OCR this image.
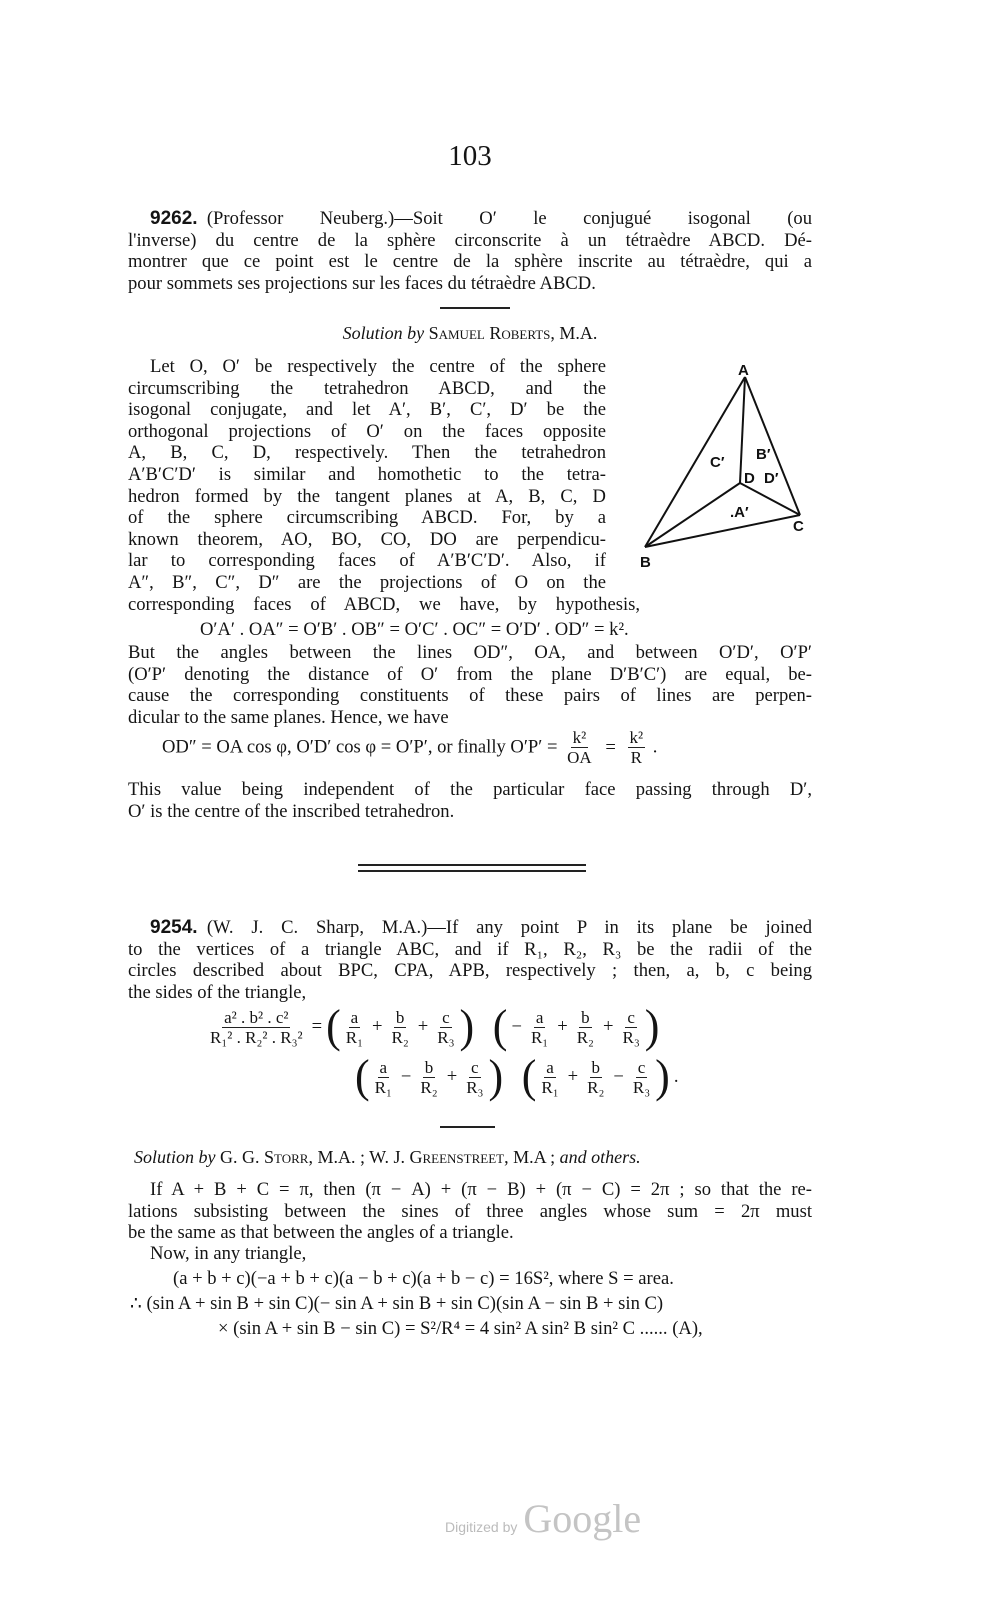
103
9262.  (Professor Neuberg.)—Soit O′ le conjugué isogonal (ou
l'inverse) du centre de la sphère circonscrite à un tétraèdre ABCD. Dé-
montrer que ce point est le centre de la sphère inscrite au tétraèdre, qui a
pour sommets ses projections sur les faces du tétraèdre ABCD.
Solution by Samuel Roberts, M.A.
Let O, O′ be respectively the centre of the sphere
circumscribing the tetrahedron ABCD, and the
isogonal conjugate, and let A′, B′, C′, D′ be the
orthogonal projections of O′ on the faces opposite
A, B, C, D, respectively. Then the tetrahedron
A′B′C′D′ is similar and homothetic to the tetra-
hedron formed by the tangent planes at A, B, C, D
of the sphere circumscribing ABCD. For, by a
known theorem, AO, BO, CO, DO are perpendicu-
lar to corresponding faces of A′B′C′D′. Also, if
A″, B″, C″, D″ are the projections of O on the
corresponding faces of ABCD, we have, by hypothesis,
A
B
C
C′ B′
D D′
.A′
O′A′ . OA″ = O′B′ . OB″ = O′C′ . OC″ = O′D′ . OD″ = k².
But the angles between the lines OD″, OA, and between O′D′, O′P′
(O′P′ denoting the distance of O′ from the plane D′B′C′) are equal, be-
cause the corresponding constituents of these pairs of lines are perpen-
dicular to the same planes. Hence, we have
OD″ = OA cos φ, O′D′ cos φ = O′P′, or finally $O'P' = \frac{\text{k²}}{OA} = \frac{\text{k²}}{R}$ .
This value being independent of the particular face passing through D′,
O′ is the centre of the inscribed tetrahedron.
9254.  (W. J. C. Sharp, M.A.)—If any point P in its plane be joined
to the vertices of a triangle ABC, and if R₁, R₂, R₃ be the radii of the
circles described about BPC, CPA, APB, respectively ; then, a, b, c being
the sides of the triangle,
$\frac{\text{a² . b² . c²}}{\text{R₁² . R₂² . R₃²}}$ =( $\frac{a}{\text{R₁}} + \frac{b}{\text{R₂}} + \frac{c}{\text{R₃}}$ )  ( − $\frac{a}{\text{R₁}} + \frac{b}{\text{R₂}} + \frac{c}{\text{R₃}}$ )
( $\frac{a}{\text{R₁}} - \frac{b}{\text{R₂}} + \frac{c}{\text{R₃}}$ )  ( $\frac{a}{\text{R₁}} + \frac{b}{\text{R₂}} - \frac{c}{\text{R₃}}$ ) .
Solution by G. G. Storr, M.A. ; W. J. Greenstreet, M.A ; and others.
If A + B + C = π, then (π − A) + (π − B) + (π − C) = 2π ; so that the re-
lations subsisting between the sines of three angles whose sum = 2π must
be the same as that between the angles of a triangle.
Now, in any triangle,
(a + b + c)(−a + b + c)(a − b + c)(a + b − c) = 16S², where S = area.
∴ (sin A + sin B + sin C)(− sin A + sin B + sin C)(sin A − sin B + sin C)
× (sin A + sin B − sin C) = S²/R⁴ = 4 sin² A sin² B sin² C ...... (A),
Digitized by Google
